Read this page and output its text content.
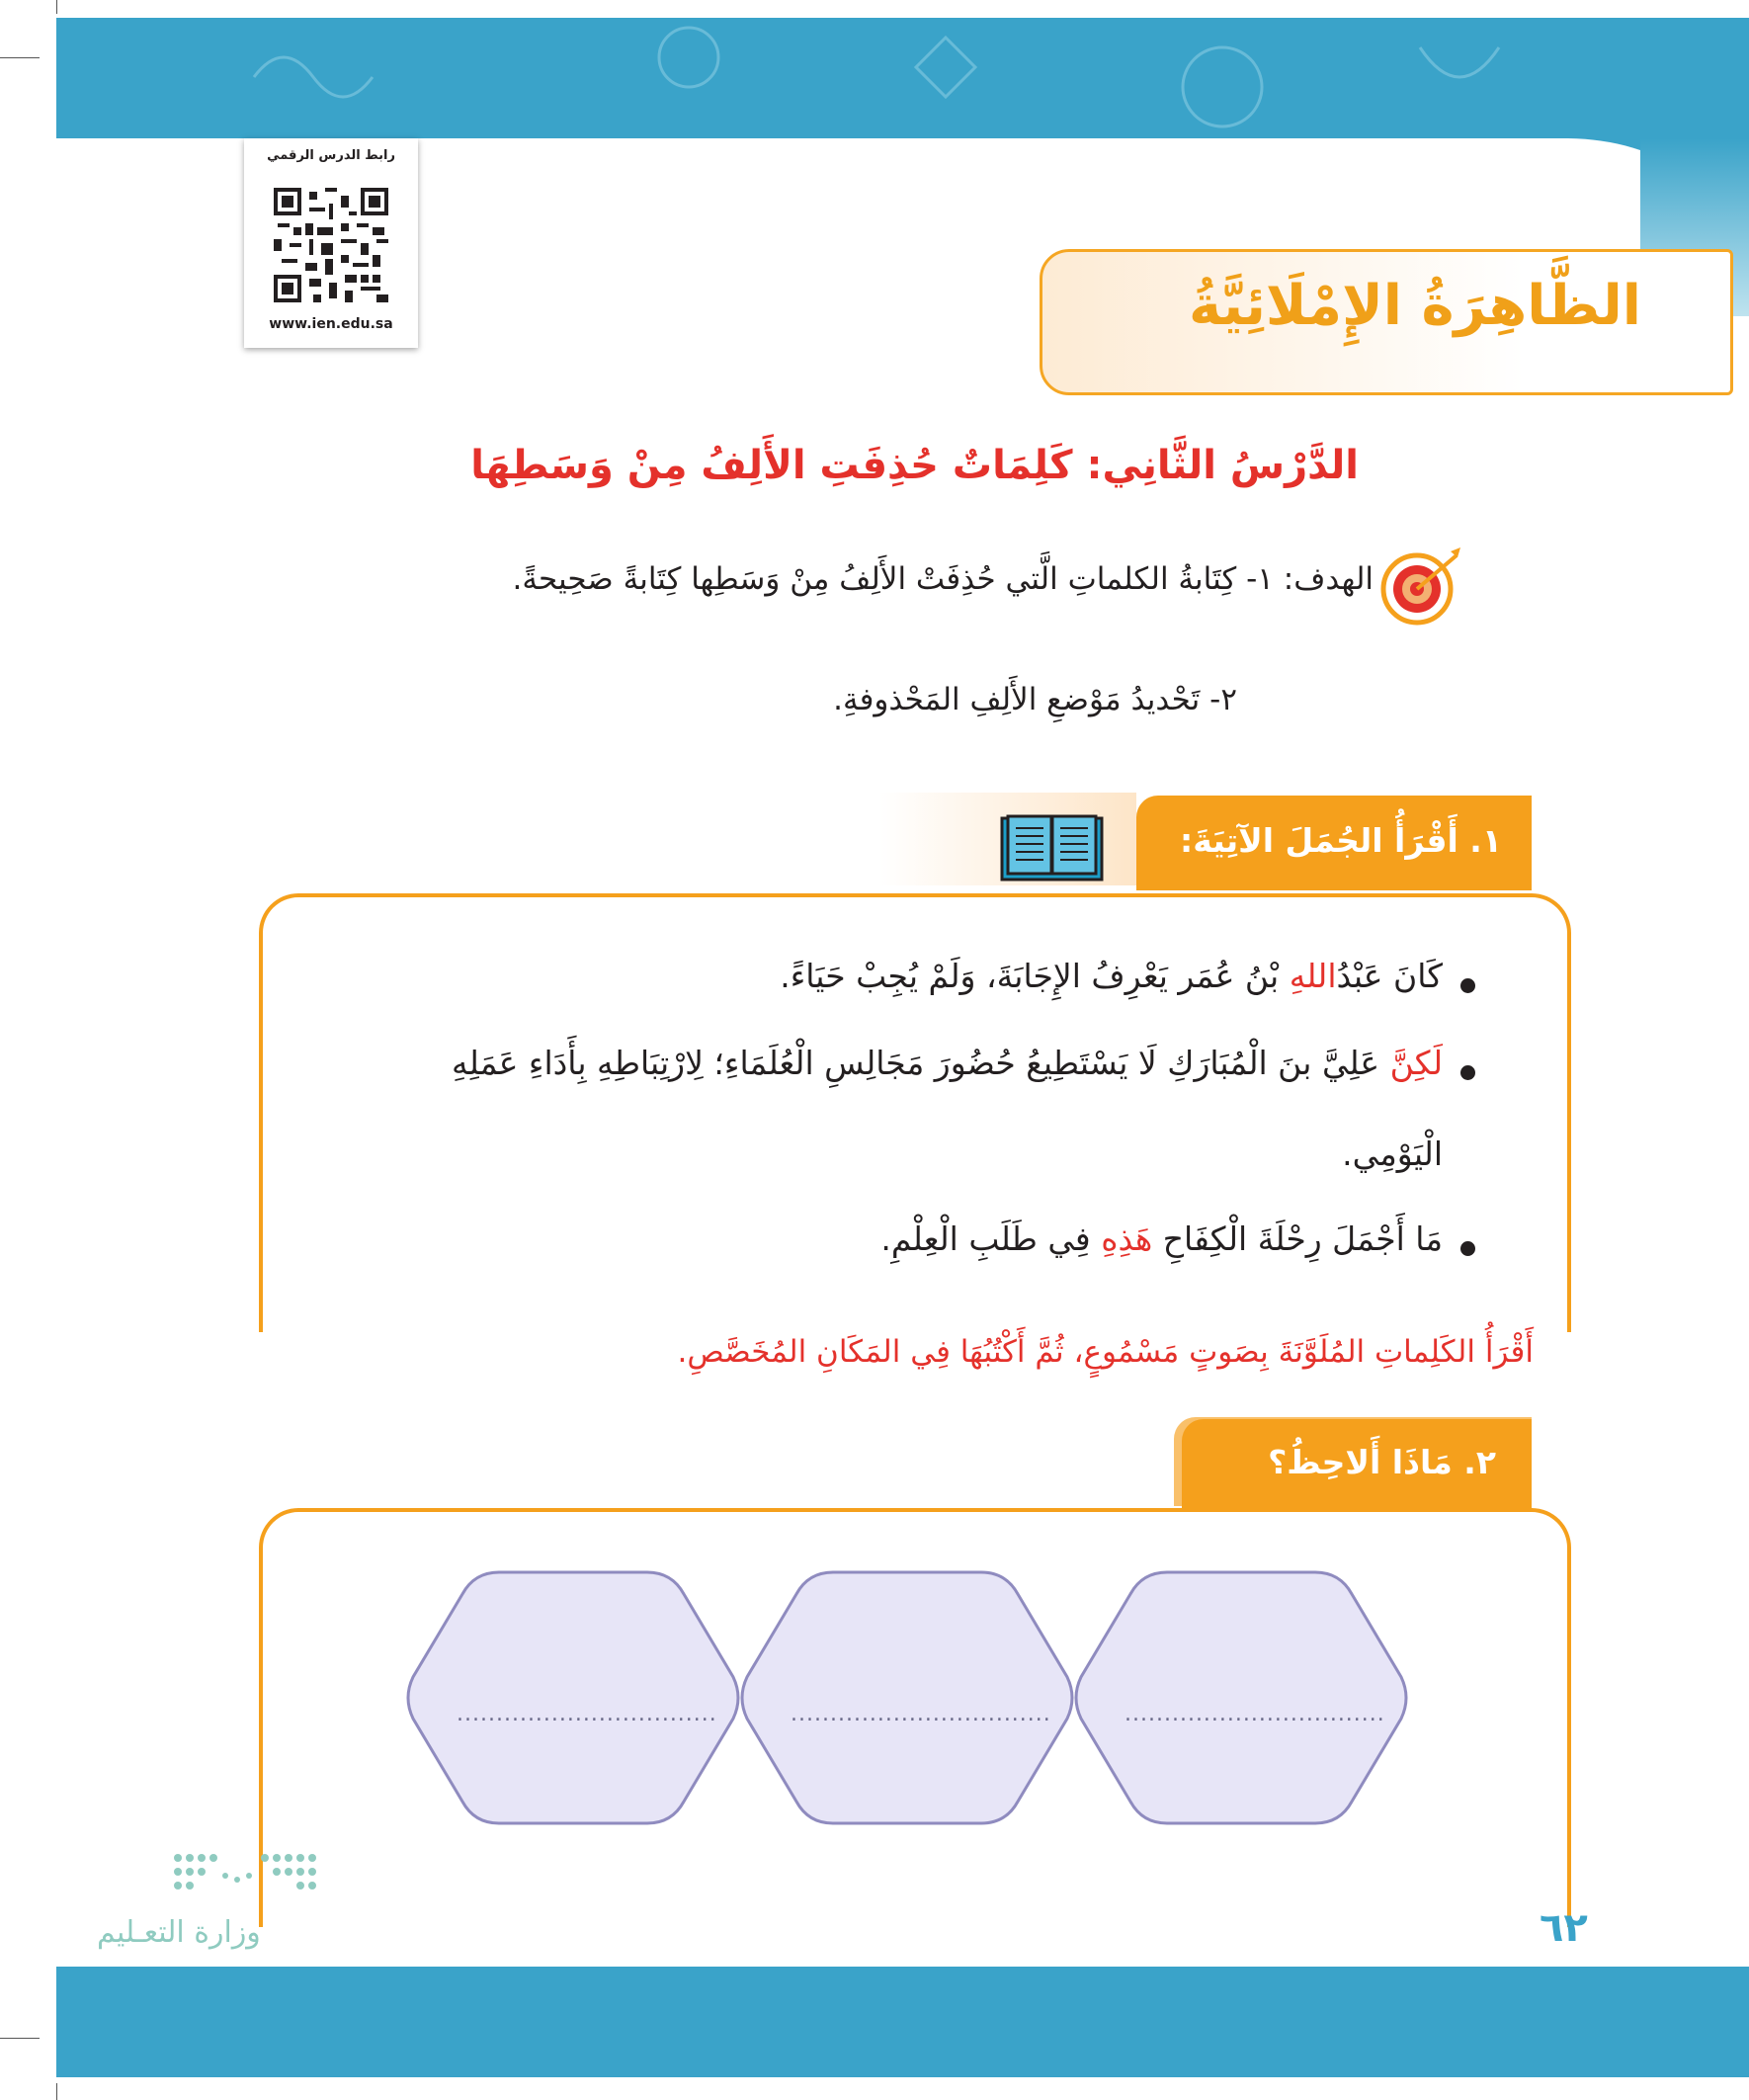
رابط الدرس الرقمي
www.ien.edu.sa	الظَّاهِرَةُ الإِمْلَائِيَّةُ
الدَّرْسُ الثَّانِي: كَلِمَاتٌ حُذِفَتِ الأَلِفُ مِنْ وَسَطِهَا
الهدف: ١- كِتَابةُ الكلماتِ الَّتي حُذِفَتْ الأَلِفُ مِنْ وَسَطِها كِتَابةً صَحِيحةً.
٢- تَحْديدُ مَوْضعِ الأَلِفِ المَحْذوفةِ.
١. أَقْرَأُ الجُمَلَ الآتِيَةَ:
كَانَ عَبْدُاللهِ بْنُ عُمَر يَعْرِفُ الإِجَابَةَ، وَلَمْ يُجِبْ حَيَاءً.
لَكِنَّ عَلِيَّ بنَ الْمُبَارَكِ لَا يَسْتَطِيعُ حُضُورَ مَجَالِسِ الْعُلَمَاءِ؛ لِارْتِبَاطِهِ بِأَدَاءِ عَمَلِهِ
الْيَوْمِي.
مَا أَجْمَلَ رِحْلَةَ الْكِفَاحِ هَذِهِ فِي طَلَبِ الْعِلْمِ.
أَقْرَأُ الكَلِماتِ المُلَوَّنَةَ بِصَوتٍ مَسْمُوعٍ، ثُمَّ أَكْتُبُهَا فِي المَكَانِ المُخَصَّصِ.
٢. مَاذَا أَلاحِظُ؟
.................................	.................................	.................................
وزارة التعـليم	٦٢
